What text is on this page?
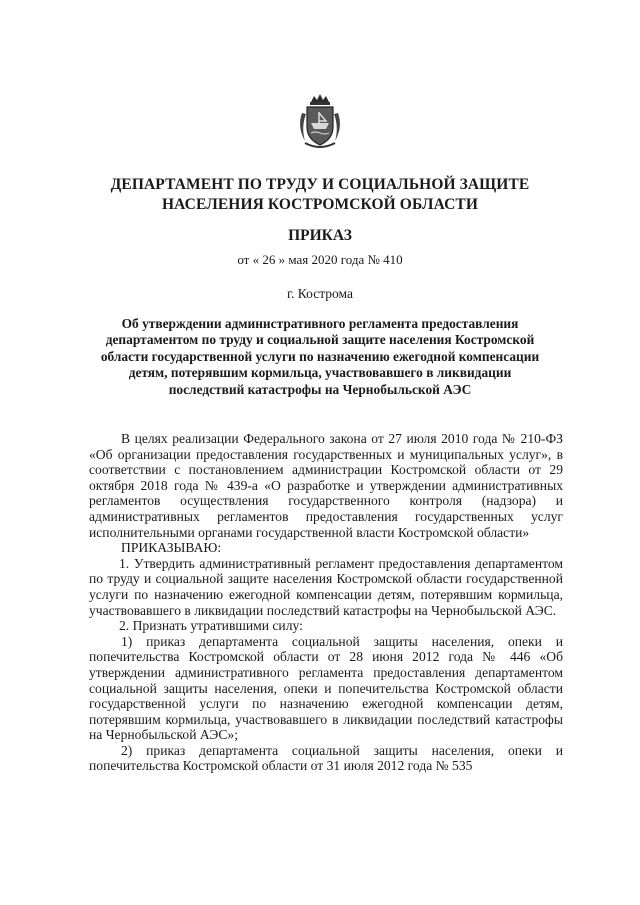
ДЕПАРТАМЕНТ ПО ТРУДУ И СОЦИАЛЬНОЙ ЗАЩИТЕ
НАСЕЛЕНИЯ КОСТРОМСКОЙ ОБЛАСТИ
ПРИКАЗ
от « 26 » мая 2020 года № 410
г. Кострома
Об утверждении административного регламента предоставления
департаментом по труду и социальной защите населения Костромской
области государственной услуги по назначению ежегодной компенсации
детям, потерявшим кормильца, участвовавшего в ликвидации
последствий катастрофы на Чернобыльской АЭС

В целях реализации Федерального закона от 27 июля 2010 года № 210-ФЗ «Об организации предоставления государственных и муниципальных услуг», в соответствии с постановлением администрации Костромской области от 29 октября 2018 года № 439-а «О разработке и утверждении административных регламентов осуществления государственного контроля (надзора) и административных регламентов предоставления государственных услуг исполнительными органами государственной власти Костромской области»

ПРИКАЗЫВАЮ:

1. Утвердить административный регламент предоставления департаментом по труду и социальной защите населения Костромской области государственной услуги по назначению ежегодной компенсации детям, потерявшим кормильца, участвовавшего в ликвидации последствий катастрофы на Чернобыльской АЭС.

2. Признать утратившими силу:

1) приказ департамента социальной защиты населения, опеки и попечительства Костромской области от 28 июня 2012 года № 446 «Об утверждении административного регламента предоставления департаментом социальной защиты населения, опеки и попечительства Костромской области государственной услуги по назначению ежегодной компенсации детям, потерявшим кормильца, участвовавшего в ликвидации последствий катастрофы на Чернобыльской АЭС»;

2) приказ департамента социальной защиты населения, опеки и попечительства Костромской области от 31 июля 2012 года № 535
